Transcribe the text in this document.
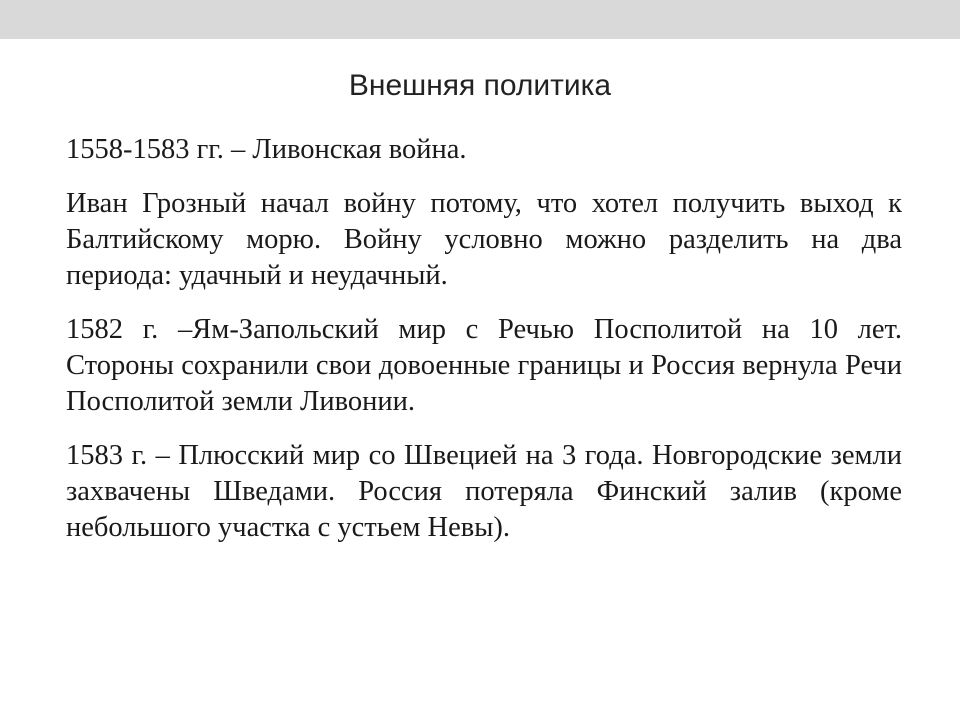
Внешняя политика

1558-1583 гг. – Ливонская война.

Иван Грозный начал войну потому, что хотел получить выход к Балтийскому морю. Войну условно можно разделить на два периода: удачный и неудачный.

1582 г. –Ям-Запольский мир с Речью Посполитой на 10 лет. Стороны сохранили свои довоенные границы и Россия вернула Речи Посполитой земли Ливонии.

1583 г. – Плюсский мир со Швецией на 3 года. Новгородские земли захвачены Шведами. Россия потеряла Финский залив (кроме небольшого участка с устьем Невы).
